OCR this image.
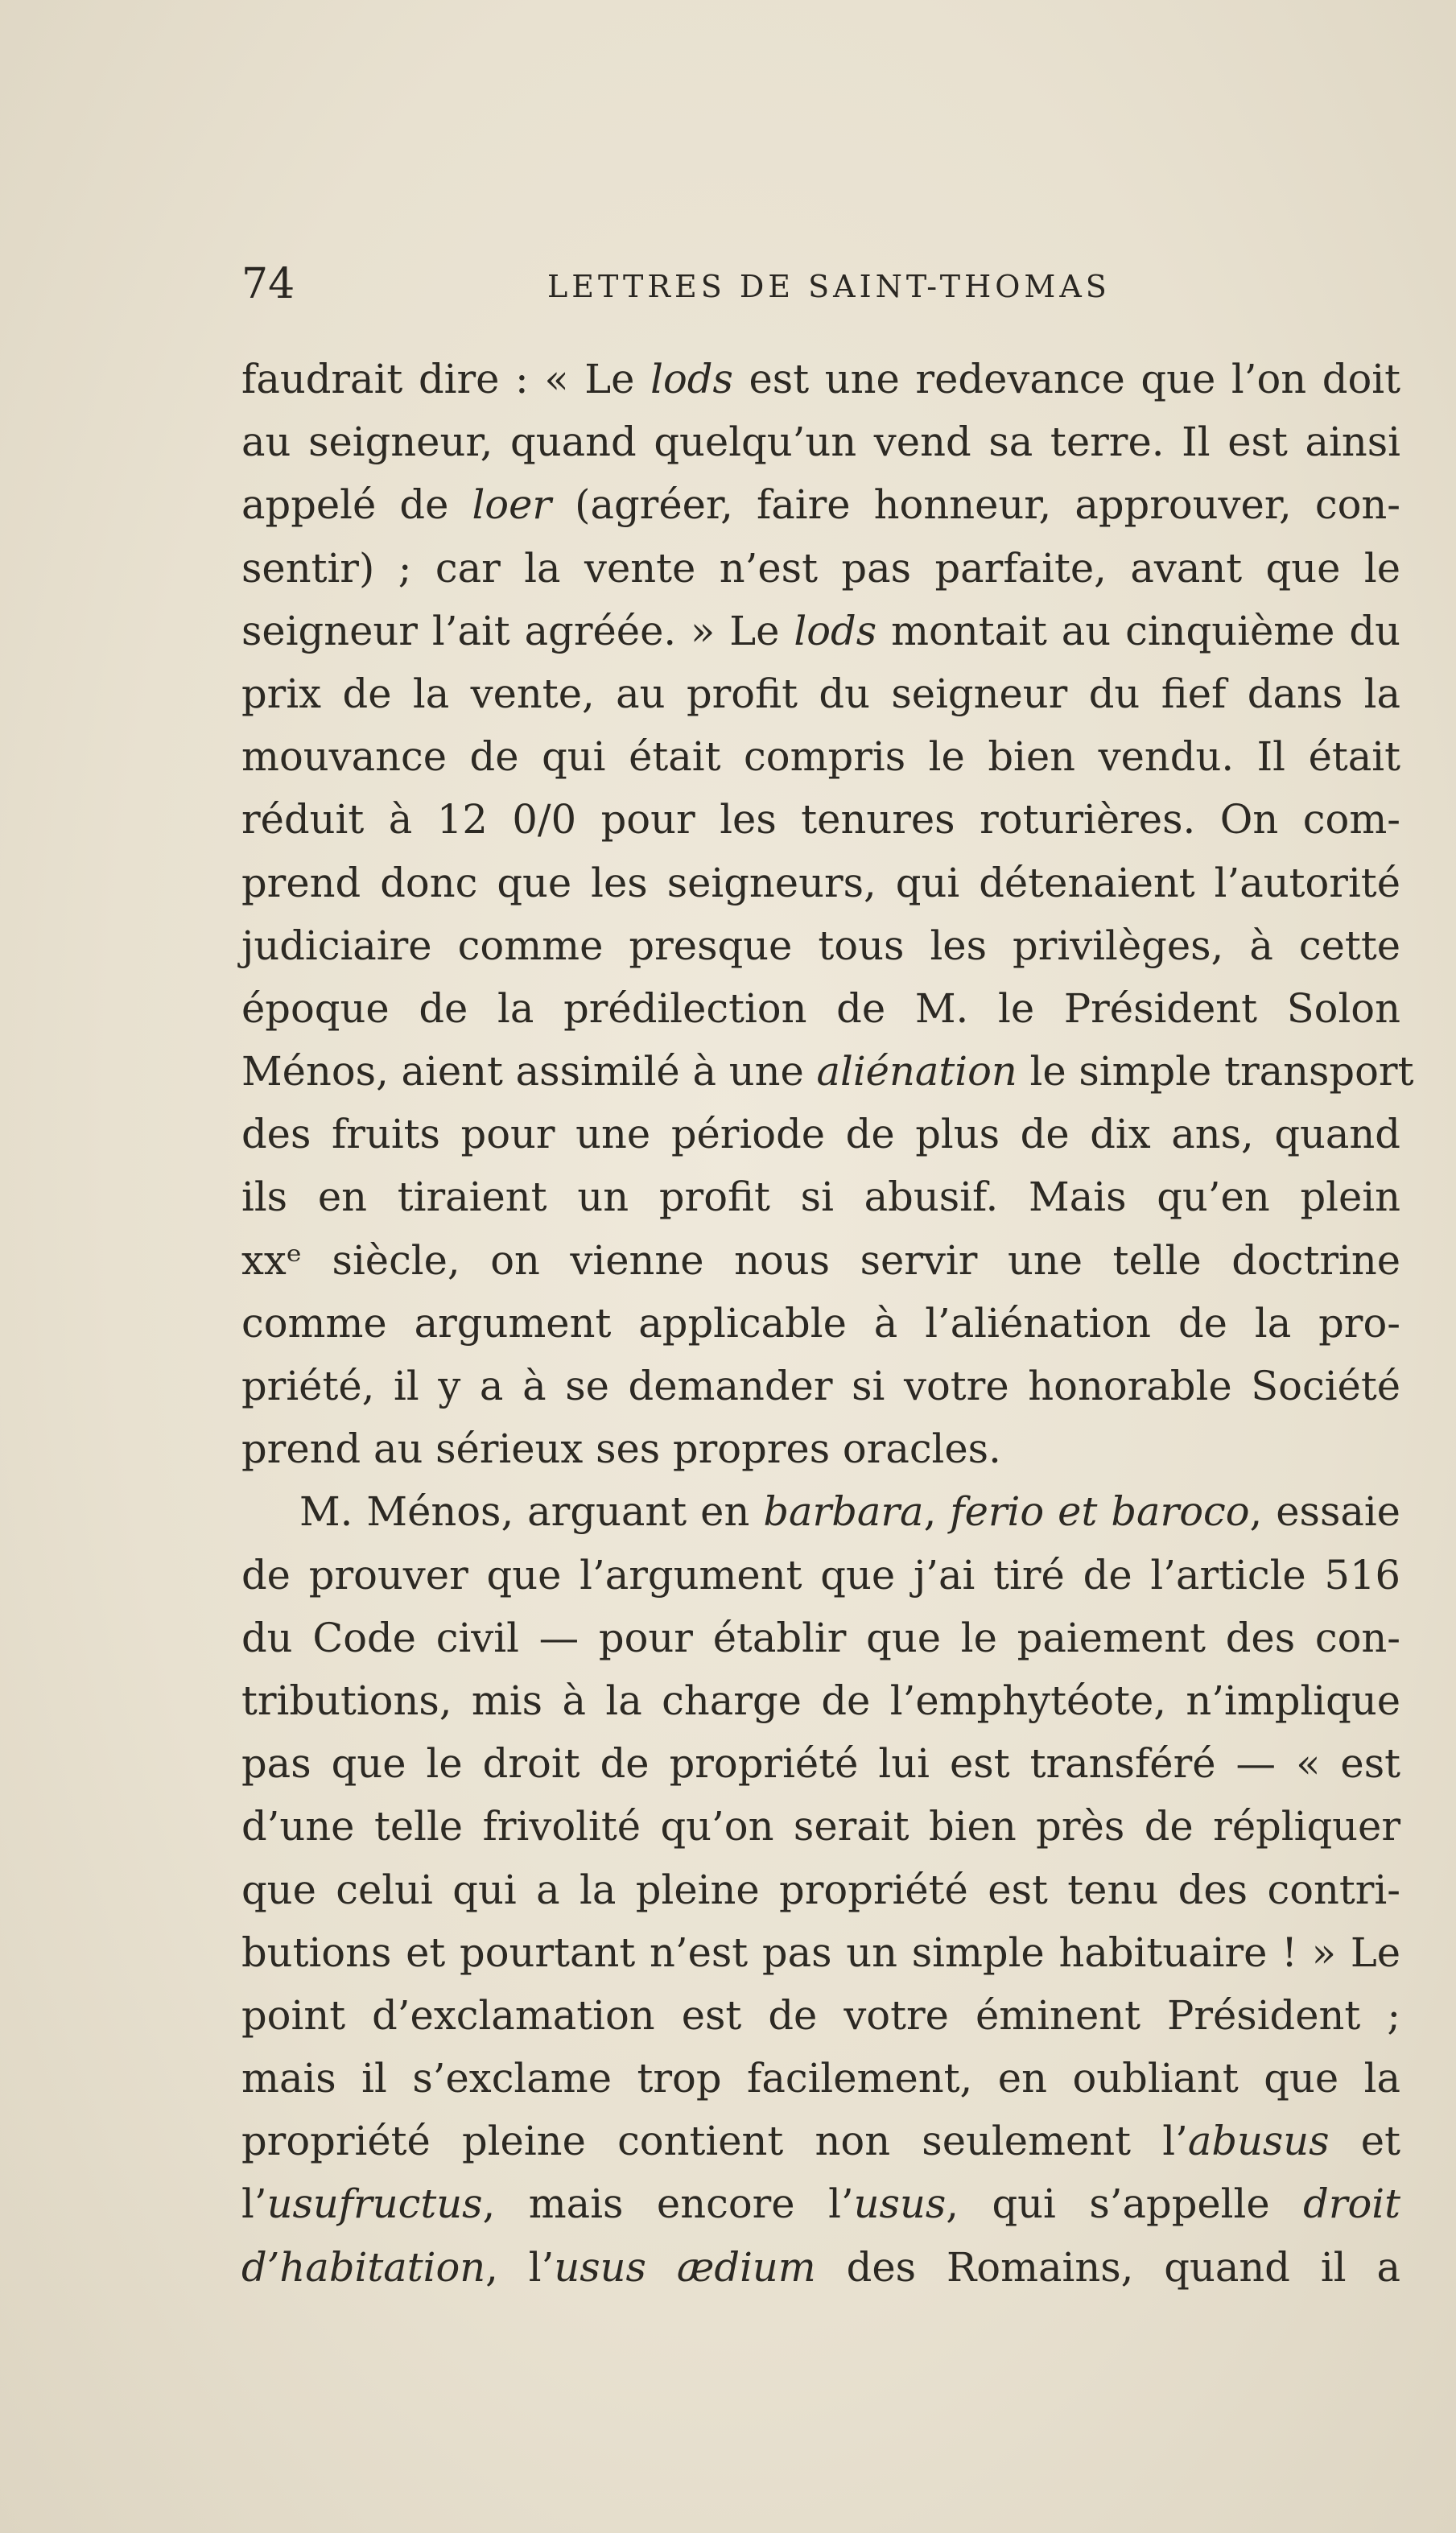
74	LETTRES DE SAINT-THOMAS
faudrait dire : « Le lods est une redevance que l’on doit
au seigneur, quand quelqu’un vend sa terre. Il est ainsi
appelé de loer (agréer, faire honneur, approuver, con-
sentir) ; car la vente n’est pas parfaite, avant que le
seigneur l’ait agréée. » Le lods montait au cinquième du
prix de la vente, au profit du seigneur du fief dans la
mouvance de qui était compris le bien vendu. Il était
réduit à 12 0/0 pour les tenures roturières. On com-
prend donc que les seigneurs, qui détenaient l’autorité
judiciaire comme presque tous les privilèges, à cette
époque de la prédilection de M. le Président Solon
Ménos, aient assimilé à une aliénation le simple transport
des fruits pour une période de plus de dix ans, quand
ils en tiraient un profit si abusif. Mais qu’en plein
xxᵉ siècle, on vienne nous servir une telle doctrine
comme argument applicable à l’aliénation de la pro-
priété, il y a à se demander si votre honorable Société
prend au sérieux ses propres oracles.
M. Ménos, arguant en barbara, ferio et baroco, essaie
de prouver que l’argument que j’ai tiré de l’article 516
du Code civil — pour établir que le paiement des con-
tributions, mis à la charge de l’emphytéote, n’implique
pas que le droit de propriété lui est transféré — « est
d’une telle frivolité qu’on serait bien près de répliquer
que celui qui a la pleine propriété est tenu des contri-
butions et pourtant n’est pas un simple habituaire ! » Le
point d’exclamation est de votre éminent Président ;
mais il s’exclame trop facilement, en oubliant que la
propriété pleine contient non seulement l’abusus et
l’usufructus, mais encore l’usus, qui s’appelle droit
d’habitation, l’usus ædium des Romains, quand il a
